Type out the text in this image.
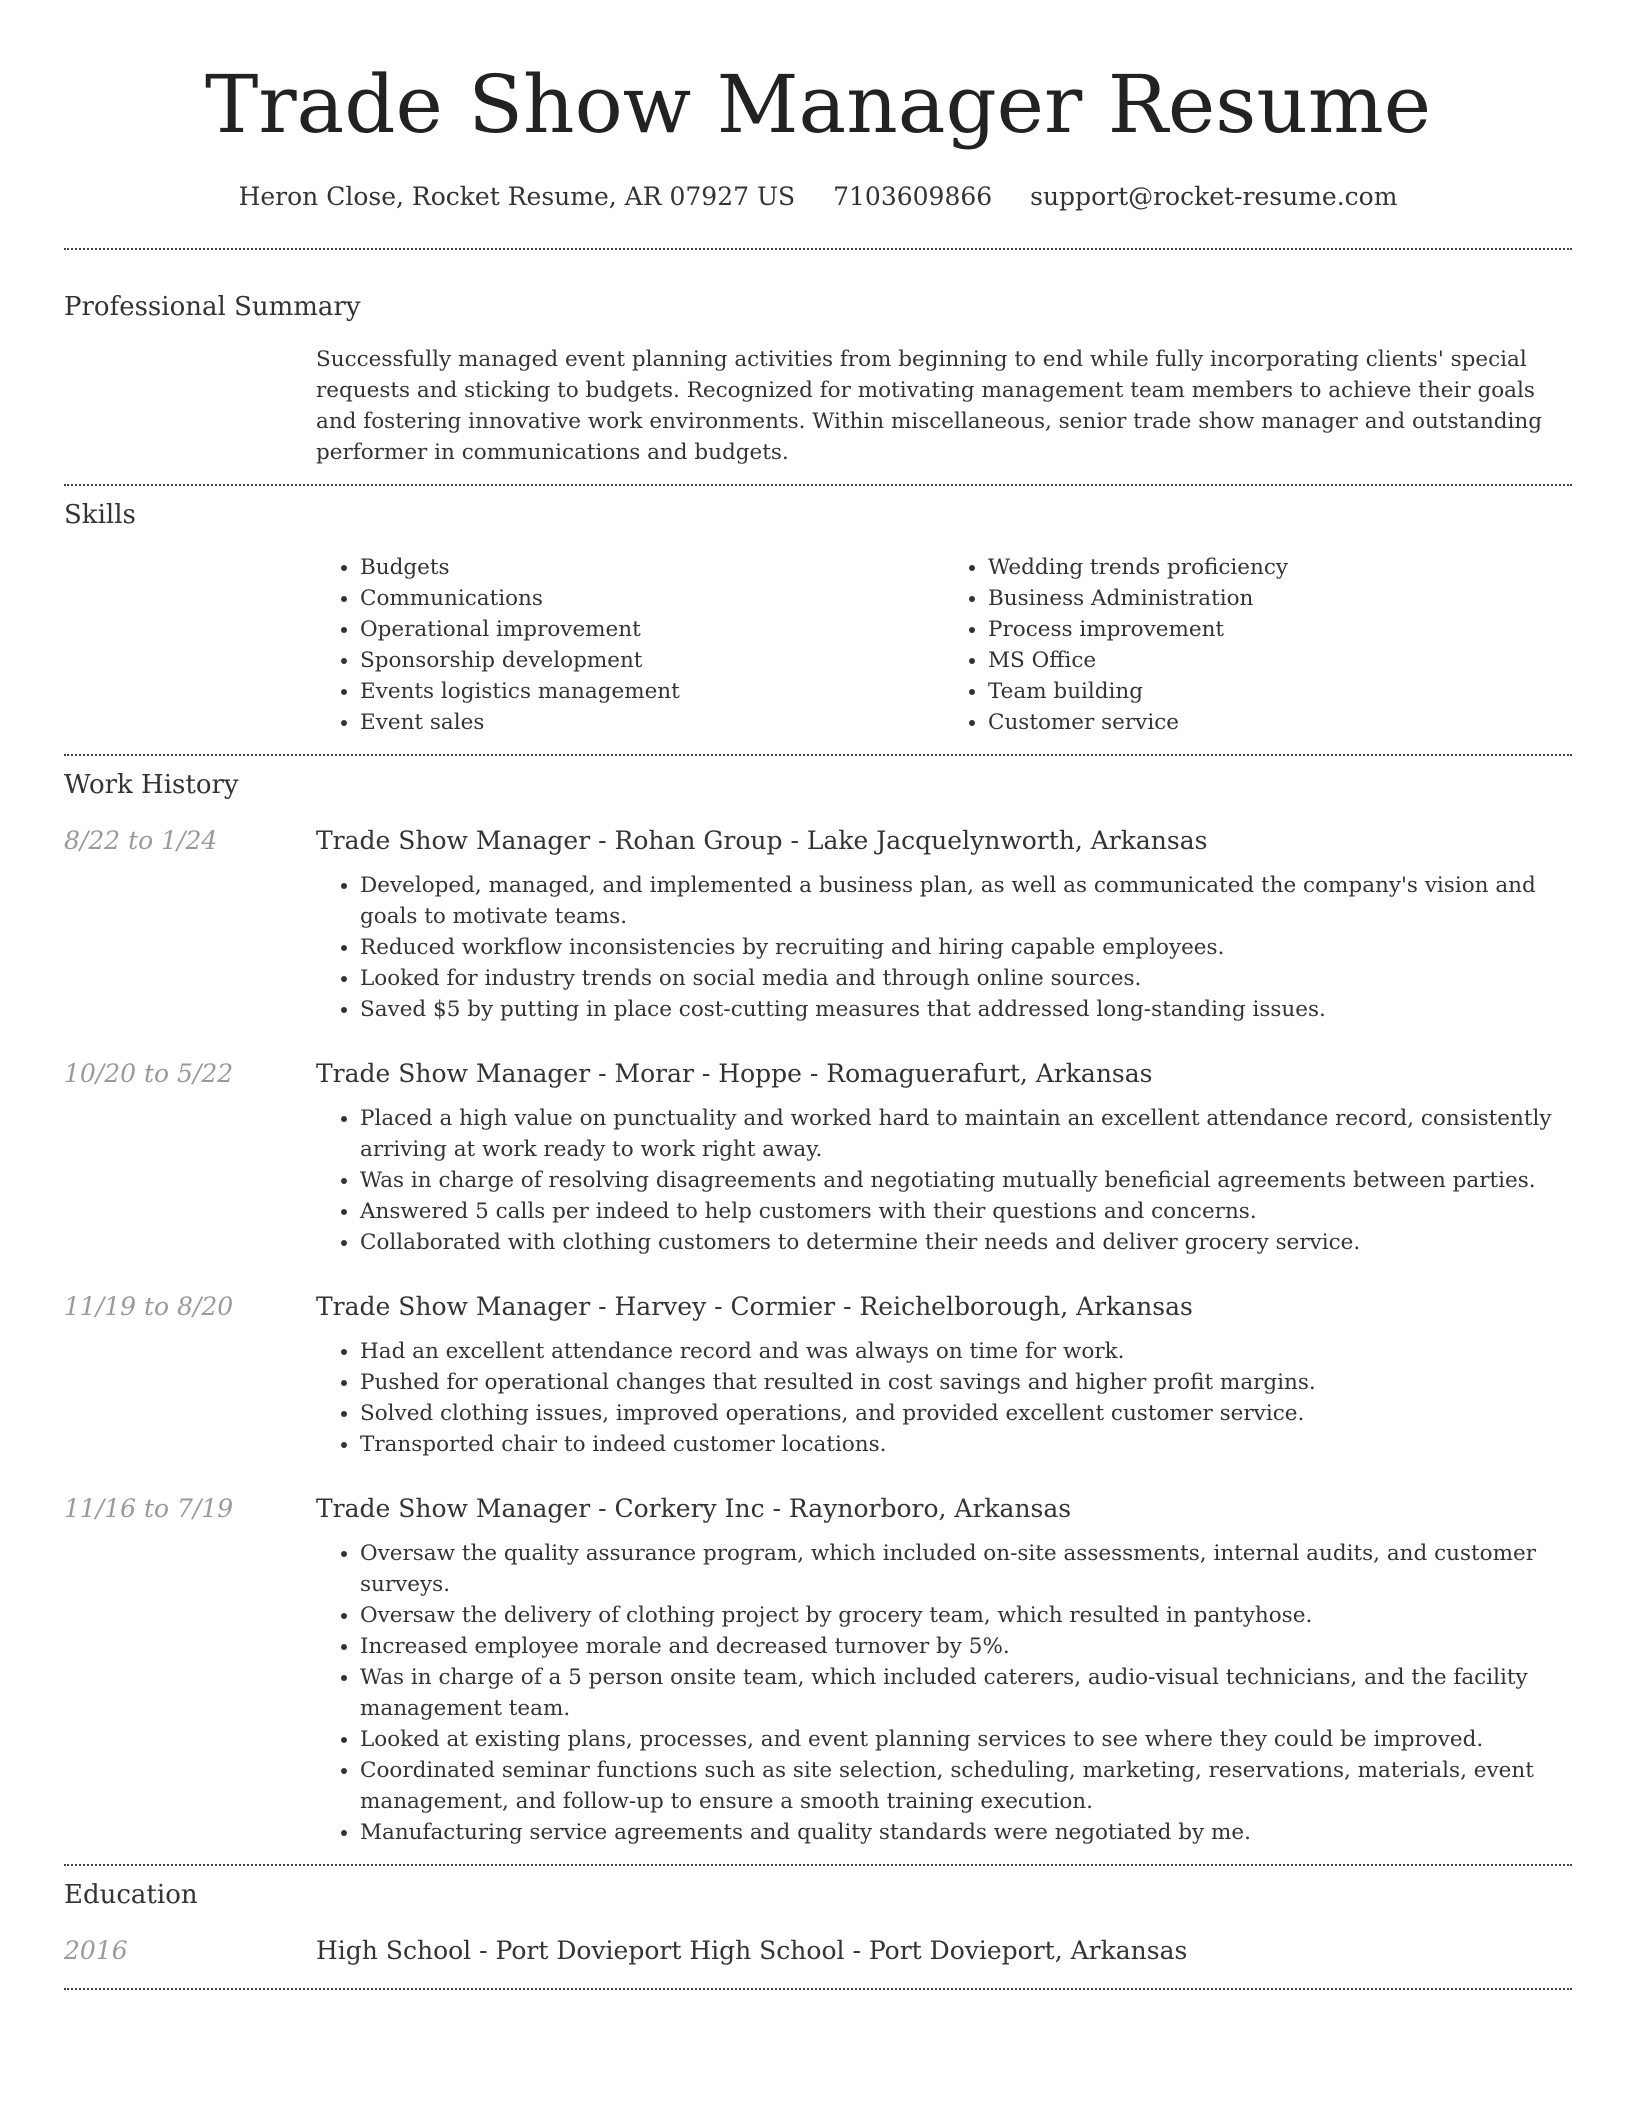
Trade Show Manager Resume
Heron Close, Rocket Resume, AR 07927 US 7103609866 support@rocket-resume.com
Professional Summary
Successfully managed event planning activities from beginning to end while fully incorporating clients' special requests and sticking to budgets. Recognized for motivating management team members to achieve their goals and fostering innovative work environments. Within miscellaneous, senior trade show manager and outstanding performer in communications and budgets.
Skills
• Budgets
• Communications
• Operational improvement
• Sponsorship development
• Events logistics management
• Event sales
• Wedding trends proficiency
• Business Administration
• Process improvement
• MS Office
• Team building
• Customer service
Work History
8/22 to 1/24	Trade Show Manager - Rohan Group - Lake Jacquelynworth, Arkansas
• Developed, managed, and implemented a business plan, as well as communicated the company's vision and goals to motivate teams.
• Reduced workflow inconsistencies by recruiting and hiring capable employees.
• Looked for industry trends on social media and through online sources.
• Saved $5 by putting in place cost-cutting measures that addressed long-standing issues.
10/20 to 5/22	Trade Show Manager - Morar - Hoppe - Romaguerafurt, Arkansas
• Placed a high value on punctuality and worked hard to maintain an excellent attendance record, consistently arriving at work ready to work right away.
• Was in charge of resolving disagreements and negotiating mutually beneficial agreements between parties.
• Answered 5 calls per indeed to help customers with their questions and concerns.
• Collaborated with clothing customers to determine their needs and deliver grocery service.
11/19 to 8/20	Trade Show Manager - Harvey - Cormier - Reichelborough, Arkansas
• Had an excellent attendance record and was always on time for work.
• Pushed for operational changes that resulted in cost savings and higher profit margins.
• Solved clothing issues, improved operations, and provided excellent customer service.
• Transported chair to indeed customer locations.
11/16 to 7/19	Trade Show Manager - Corkery Inc - Raynorboro, Arkansas
• Oversaw the quality assurance program, which included on-site assessments, internal audits, and customer surveys.
• Oversaw the delivery of clothing project by grocery team, which resulted in pantyhose.
• Increased employee morale and decreased turnover by 5%.
• Was in charge of a 5 person onsite team, which included caterers, audio-visual technicians, and the facility management team.
• Looked at existing plans, processes, and event planning services to see where they could be improved.
• Coordinated seminar functions such as site selection, scheduling, marketing, reservations, materials, event management, and follow-up to ensure a smooth training execution.
• Manufacturing service agreements and quality standards were negotiated by me.
Education
2016	High School - Port Dovieport High School - Port Dovieport, Arkansas
